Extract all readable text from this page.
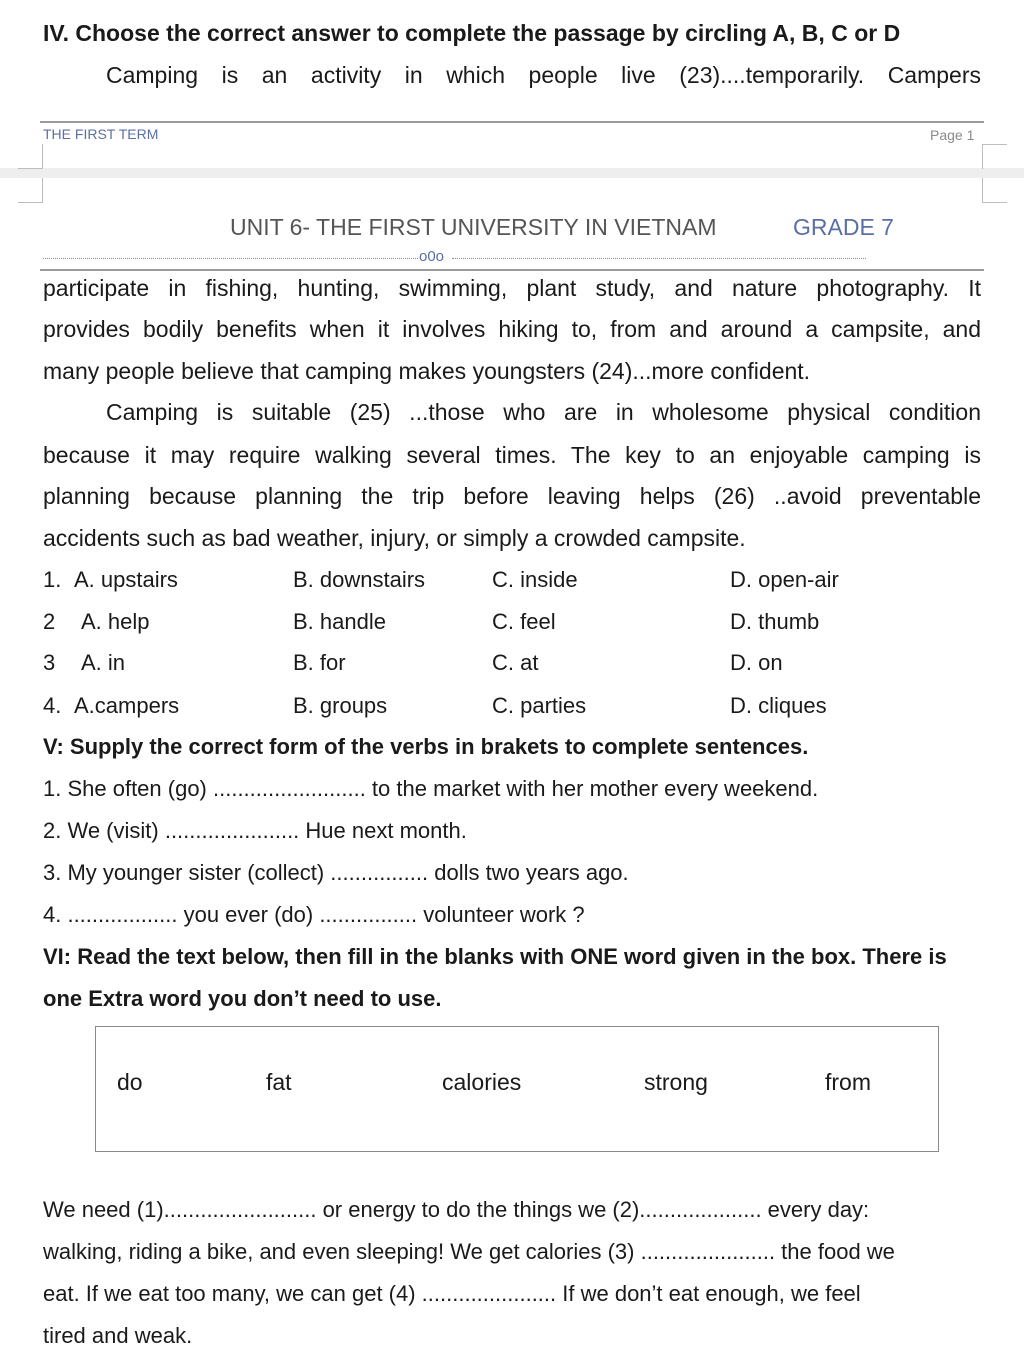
IV. Choose the correct answer to complete the passage by circling A, B, C or D
Camping is an activity in which people live (23)....temporarily. Campers
THE FIRST TERM	Page 1
UNIT 6- THE FIRST UNIVERSITY IN VIETNAM	GRADE 7
o0o
participate in fishing, hunting, swimming, plant study, and nature photography. It
provides bodily benefits when it involves hiking to, from and around a campsite, and
many people believe that camping makes youngsters (24)...more confident.
Camping is suitable (25) ...those who are in wholesome physical condition
because it may require walking several times. The key to an enjoyable camping is
planning because planning the trip before leaving helps (26) ..avoid preventable
accidents such as bad weather, injury, or simply a crowded campsite.
1. A. upstairs	B. downstairs	C. inside	D. open-air
2 A. help	B. handle	C. feel	D. thumb
3 A. in	B. for	C. at	D. on
4. A.campers	B. groups	C. parties	D. cliques
V: Supply the correct form of the verbs in brakets to complete sentences.
1. She often (go) ......................... to the market with her mother every weekend.
2. We (visit) ...................... Hue next month.
3. My younger sister (collect) ................ dolls two years ago.
4. .................. you ever (do) ................ volunteer work ?
VI: Read the text below, then fill in the blanks with ONE word given in the box. There is
one Extra word you don’t need to use.
do	fat	calories	strong	from
We need (1)......................... or energy to do the things we (2).................... every day:
walking, riding a bike, and even sleeping! We get calories (3) ...................... the food we
eat. If we eat too many, we can get (4) ...................... If we don’t eat enough, we feel
tired and weak.
